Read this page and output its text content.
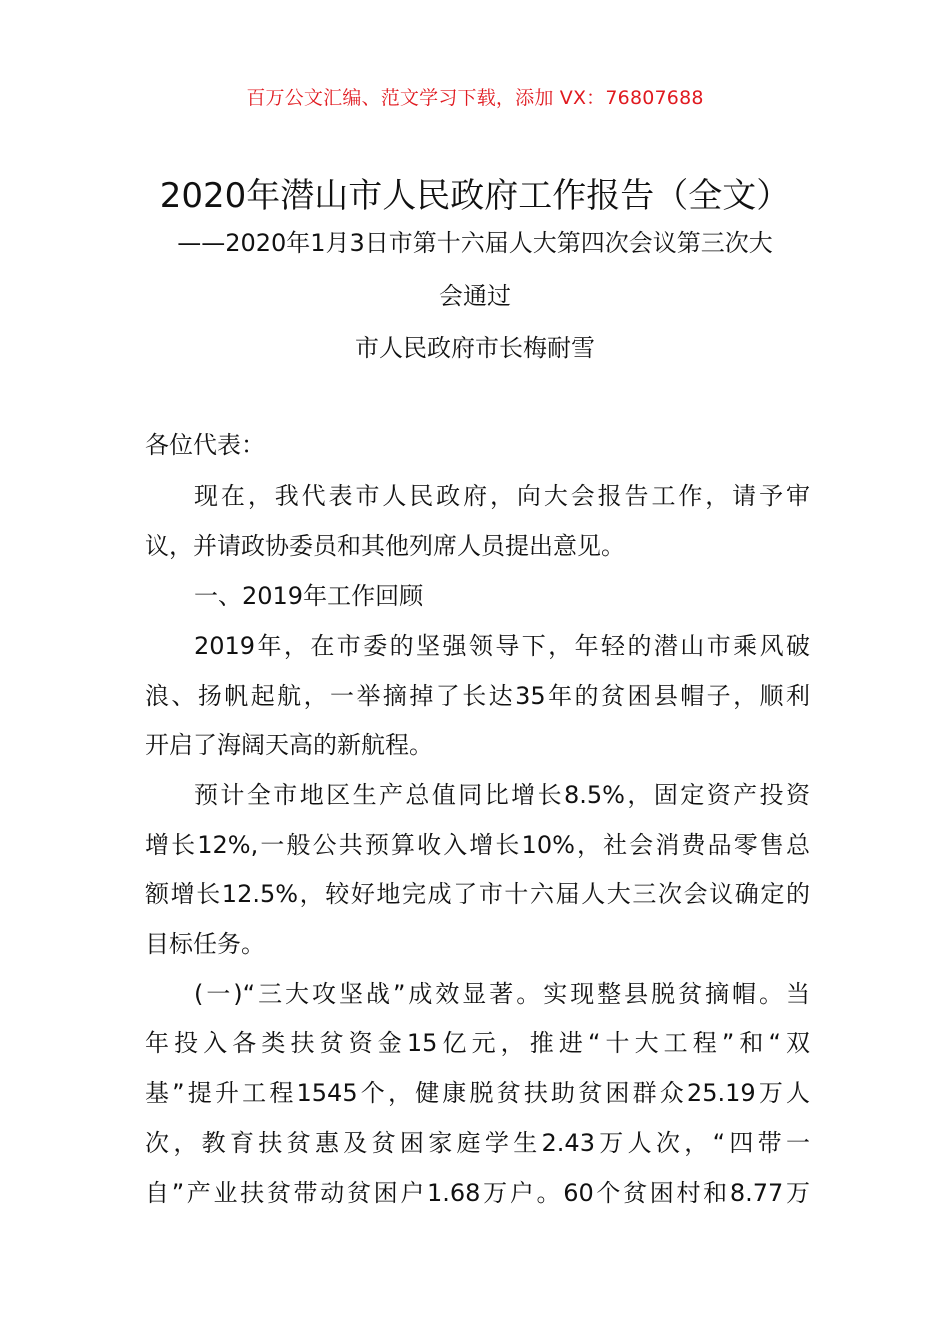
百万公文汇编、范文学习下载，添加 VX：76807688
2020年潜山市人民政府工作报告（全文）
——2020年1月3日市第十六届人大第四次会议第三次大
会通过
市人民政府市长梅耐雪
各位代表：
现在，我代表市人民政府，向大会报告工作，请予审
议，并请政协委员和其他列席人员提出意见。
一、2019年工作回顾
2019年，在市委的坚强领导下，年轻的潜山市乘风破
浪、扬帆起航，一举摘掉了长达35年的贫困县帽子，顺利
开启了海阔天高的新航程。
预计全市地区生产总值同比增长8.5%，固定资产投资
增长12%,一般公共预算收入增长10%，社会消费品零售总
额增长12.5%，较好地完成了市十六届人大三次会议确定的
目标任务。
(一)“三大攻坚战”成效显著。实现整县脱贫摘帽。当
年投入各类扶贫资金15亿元，推进“十大工程”和“双
基”提升工程1545个，健康脱贫扶助贫困群众25.19万人
次，教育扶贫惠及贫困家庭学生2.43万人次，“四带一
自”产业扶贫带动贫困户1.68万户。60个贫困村和8.77万
